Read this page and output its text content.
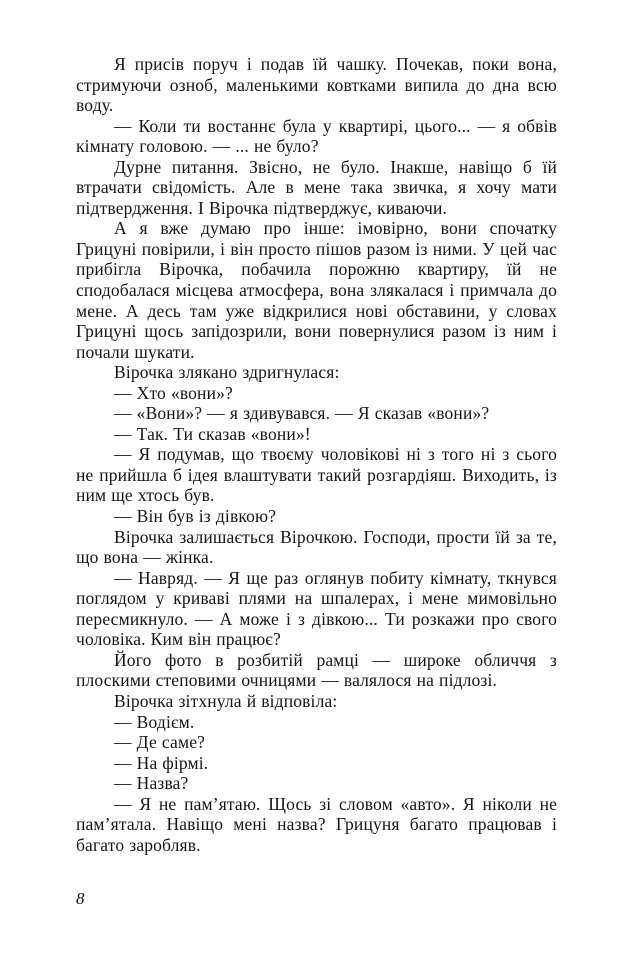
Я присів поруч і подав їй чашку. Почекав, поки вона, стримуючи озноб, маленькими ковтками випила до дна всю воду.

— Коли ти востаннє була у квартирі, цього... — я обвів кімнату головою. — ... не було?

Дурне питання. Звісно, не було. Інакше, навіщо б їй втрачати свідомість. Але в мене така звичка, я хочу мати підтвердження. І Вірочка підтверджує, киваючи.

А я вже думаю про інше: імовірно, вони спочатку Грицуні повірили, і він просто пішов разом із ними. У цей час прибігла Вірочка, побачила порожню квартиру, їй не сподобалася місцева атмосфера, вона злякалася і примчала до мене. А десь там уже відкрилися нові обставини, у словах Грицуні щось запідозрили, вони повернулися разом із ним і почали шукати.

Вірочка злякано здригнулася:

— Хто «вони»?

— «Вони»? — я здивувався. — Я сказав «вони»?

— Так. Ти сказав «вони»!

— Я подумав, що твоєму чоловікові ні з того ні з сього не прийшла б ідея влаштувати такий розгардіяш. Виходить, із ним ще хтось був.

— Він був із дівкою?

Вірочка залишається Вірочкою. Господи, прости їй за те, що вона — жінка.

— Навряд. — Я ще раз оглянув побиту кімнату, ткнувся поглядом у криваві плями на шпалерах, і мене мимовільно пересмикнуло. — А може і з дівкою... Ти розкажи про свого чоловіка. Ким він працює?

Його фото в розбитій рамці — широке обличчя з плоскими степовими очницями — валялося на підлозі.

Вірочка зітхнула й відповіла:

— Водієм.

— Де саме?

— На фірмі.

— Назва?

— Я не пам’ятаю. Щось зі словом «авто». Я ніколи не пам’ятала. Навіщо мені назва? Грицуня багато працював і багато заробляв.

8
